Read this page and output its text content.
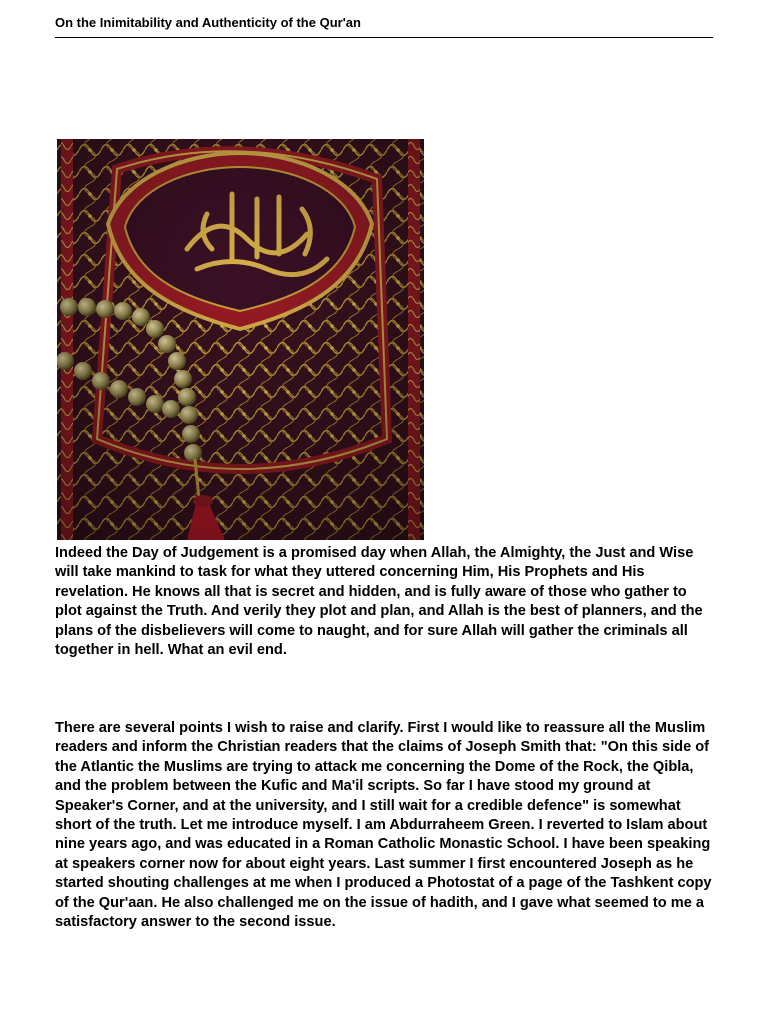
On the Inimitability and Authenticity of the Qur'an

Indeed the Day of Judgement is a promised day when Allah, the Almighty, the Just and Wise will take mankind to task for what they uttered concerning Him, His Prophets and His revelation. He knows all that is secret and hidden, and is fully aware of those who gather to plot against the Truth. And verily they plot and plan, and Allah is the best of planners, and the plans of the disbelievers will come to naught, and for sure Allah will gather the criminals all together in hell. What an evil end.

There are several points I wish to raise and clarify. First I would like to reassure all the Muslim readers and inform the Christian readers that the claims of Joseph Smith that: "On this side of the Atlantic the Muslims are trying to attack me concerning the Dome of the Rock, the Qibla, and the problem between the Kufic and Ma'il scripts. So far I have stood my ground at Speaker's Corner, and at the university, and I still wait for a credible defence" is somewhat short of the truth. Let me introduce myself. I am Abdurraheem Green. I reverted to Islam about nine years ago, and was educated in a Roman Catholic Monastic School. I have been speaking at speakers corner now for about eight years. Last summer I first encountered Joseph as he started shouting challenges at me when I produced a Photostat of a page of the Tashkent copy of the Qur'aan. He also challenged me on the issue of hadith, and I gave what seemed to me a satisfactory answer to the second issue.
